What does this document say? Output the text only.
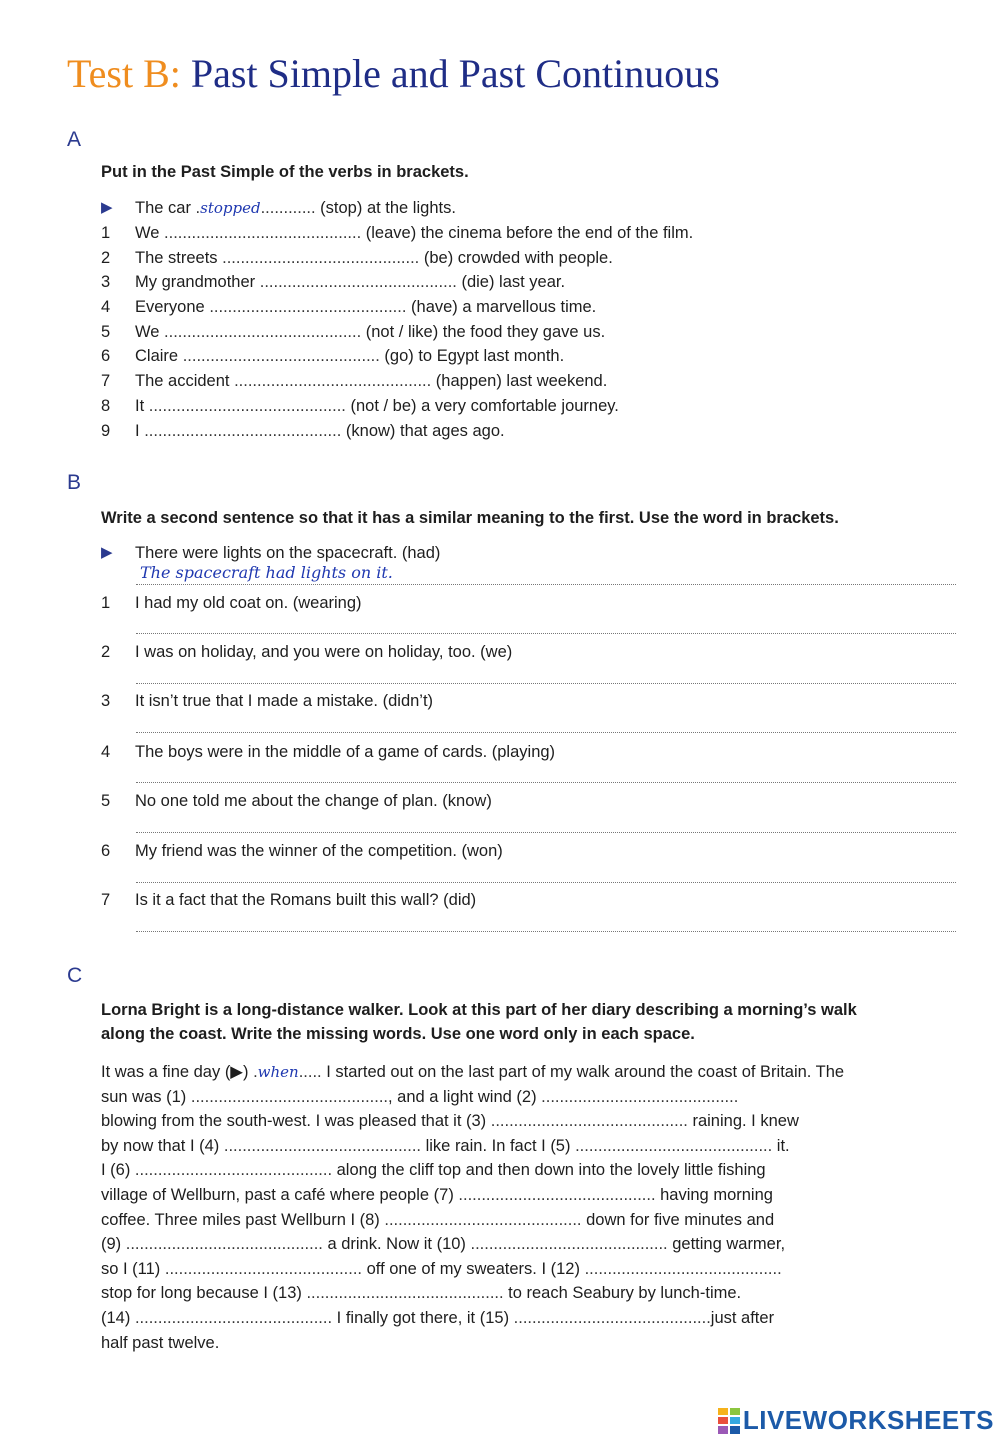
Test B: Past Simple and Past Continuous
A
Put in the Past Simple of the verbs in brackets.
▶	The car .stopped............ (stop) at the lights.
1	We ........................................... (leave) the cinema before the end of the film.
2	The streets ........................................... (be) crowded with people.
3	My grandmother ........................................... (die) last year.
4	Everyone ........................................... (have) a marvellous time.
5	We ........................................... (not / like) the food they gave us.
6	Claire ........................................... (go) to Egypt last month.
7	The accident ........................................... (happen) last weekend.
8	It ........................................... (not / be) a very comfortable journey.
9	I ........................................... (know) that ages ago.
B
Write a second sentence so that it has a similar meaning to the first. Use the word in brackets.
▶	There were lights on the spacecraft. (had)
The spacecraft had lights on it.
1	I had my old coat on. (wearing)
2	I was on holiday, and you were on holiday, too. (we)
3	It isn’t true that I made a mistake. (didn’t)
4	The boys were in the middle of a game of cards. (playing)
5	No one told me about the change of plan. (know)
6	My friend was the winner of the competition. (won)
7	Is it a fact that the Romans built this wall? (did)
C
Lorna Bright is a long-distance walker. Look at this part of her diary describing a morning’s walk
along the coast. Write the missing words. Use one word only in each space.
It was a fine day (▶) .when..... I started out on the last part of my walk around the coast of Britain. The
sun was (1) ..........................................., and a light wind (2) ...........................................
blowing from the south-west. I was pleased that it (3) ........................................... raining. I knew
by now that I (4) ........................................... like rain. In fact I (5) ........................................... it.
I (6) ........................................... along the cliff top and then down into the lovely little fishing
village of Wellburn, past a café where people (7) ........................................... having morning
coffee. Three miles past Wellburn I (8) ........................................... down for five minutes and
(9) ........................................... a drink. Now it (10) ........................................... getting warmer,
so I (11) ........................................... off one of my sweaters. I (12) ...........................................
stop for long because I (13) ........................................... to reach Seabury by lunch-time.
(14) ........................................... I finally got there, it (15) ...........................................just after
half past twelve.
LIVEWORKSHEETS
